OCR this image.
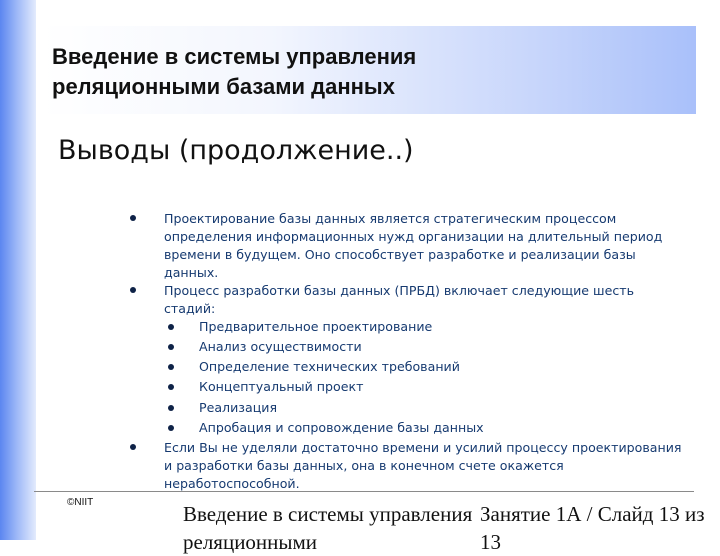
Введение в системы управления
реляционными базами данных
Выводы (продолжение..)
Проектирование базы данных является стратегическим процессом определения информационных нужд организации на длительный период времени в будущем. Оно способствует разработке и реализации базы данных.
Процесс разработки базы данных (ПРБД) включает следующие шесть стадий:
Предварительное проектирование
Анализ осуществимости
Определение технических требований
Концептуальный проект
Реализация
Апробация и сопровождение базы данных
Если Вы не уделяли достаточно времени и усилий процессу проектирования и разработки базы данных, она в конечном счете окажется неработоспособной.
©NIIT	Введение в системы управления реляционными

Занятие 1А / Слайд 13 из 13
